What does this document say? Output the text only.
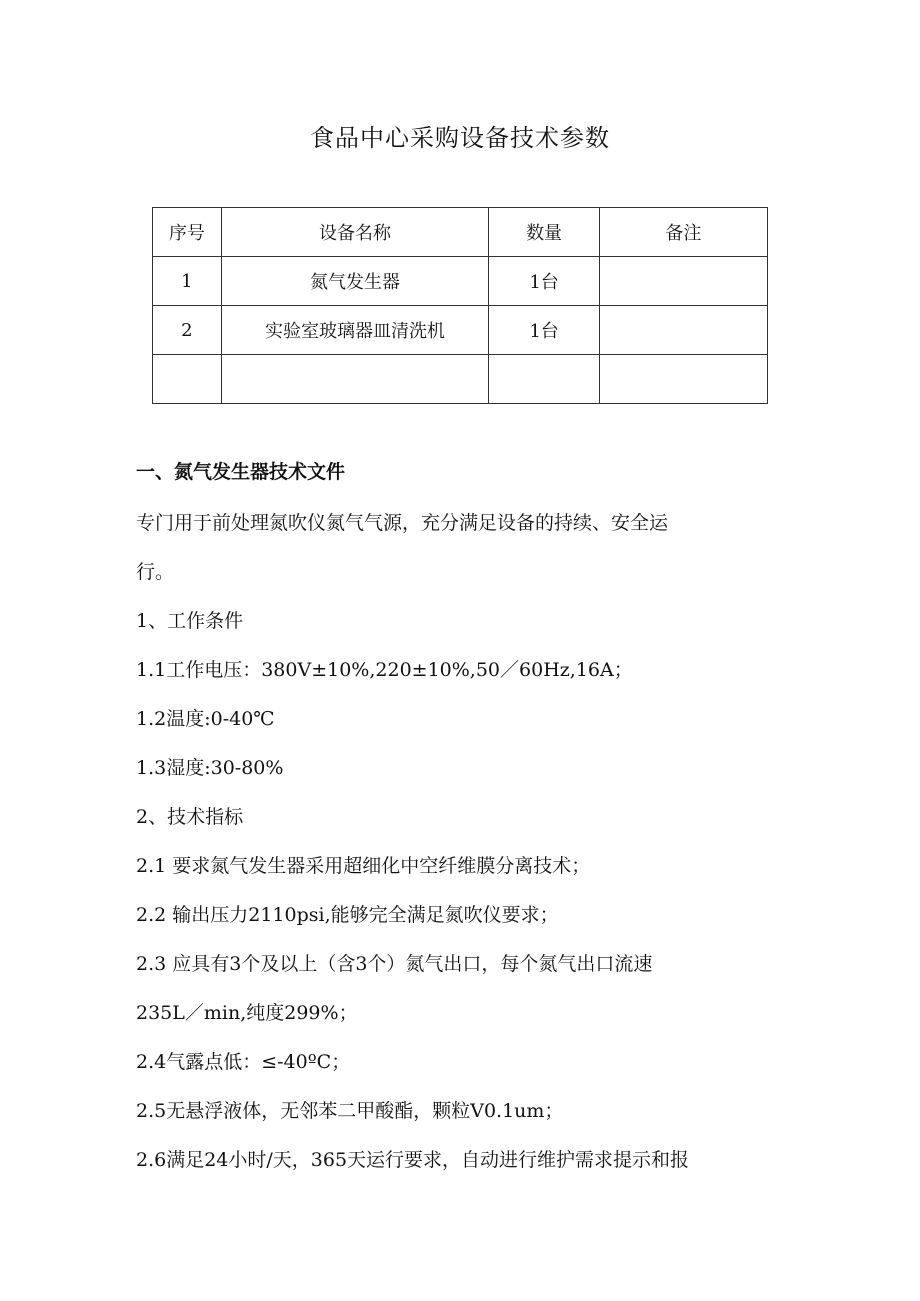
食品中心采购设备技术参数
序号	设备名称	数量	备注
1	氮气发生器	1台	
2	实验室玻璃器皿清洗机	1台	

一、氮气发生器技术文件
专门用于前处理氮吹仪氮气气源，充分满足设备的持续、安全运
行。
1、工作条件
1.1工作电压：380V±10%,220±10%,50／60Hz,16A；
1.2温度:0-40℃
1.3湿度:30-80%
2、技术指标
2.1 要求氮气发生器采用超细化中空纤维膜分离技术；
2.2 输出压力2110psi,能够完全满足氮吹仪要求；
2.3 应具有3个及以上（含3个）氮气出口，每个氮气出口流速
235L／min,纯度299%；
2.4气露点低：≤-40ºC；
2.5无悬浮液体，无邻苯二甲酸酯，颗粒V0.1um；
2.6满足24小时/天，365天运行要求，自动进行维护需求提示和报
